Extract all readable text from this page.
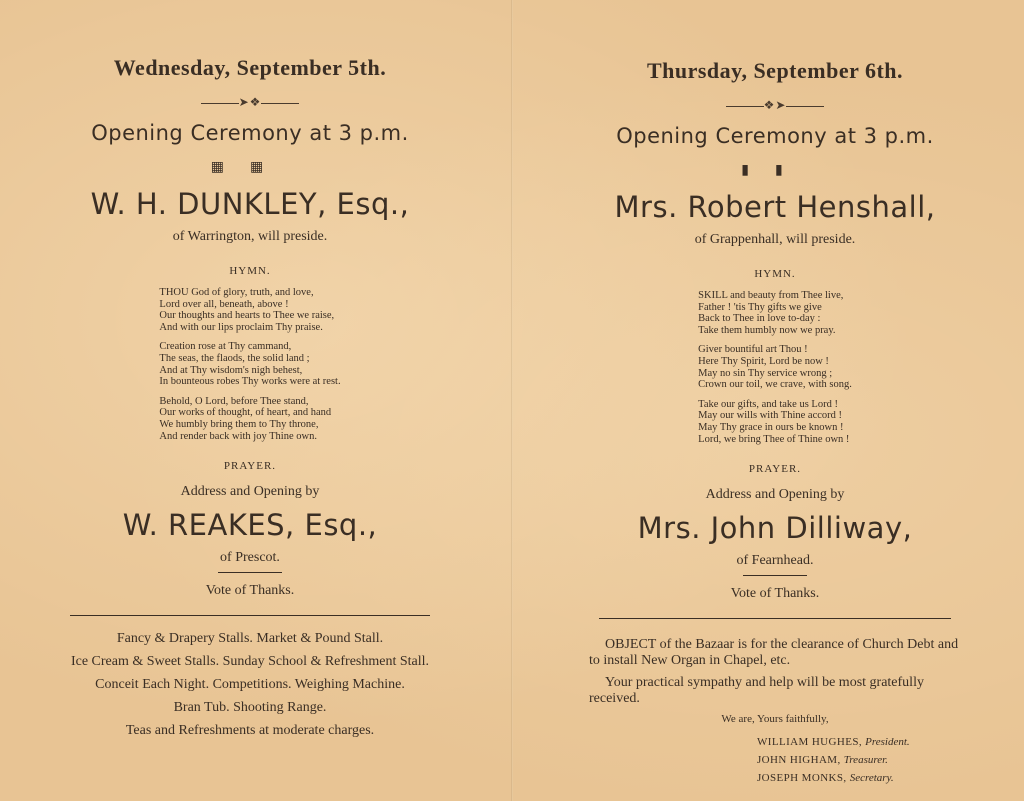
Wednesday, September 5th.
➤❖
Opening Ceremony at 3 p.m.
▦▦
W. H. DUNKLEY, Esq.,
of Warrington, will preside.
HYMN.
THOU God of glory, truth, and love,
Lord over all, beneath, above !
Our thoughts and hearts to Thee we raise,
And with our lips proclaim Thy praise.
Creation rose at Thy cammand,
The seas, the flaods, the solid land ;
And at Thy wisdom's nigh behest,
In bounteous robes Thy works were at rest.
Behold, O Lord, before Thee stand,
Our works of thought, of heart, and hand
We humbly bring them to Thy throne,
And render back with joy Thine own.
PRAYER.
Address and Opening by
W. REAKES, Esq.,
of Prescot.
Vote of Thanks.
Fancy & Drapery Stalls. Market & Pound Stall.
Ice Cream & Sweet Stalls. Sunday School & Refreshment Stall.
Conceit Each Night. Competitions. Weighing Machine.
Bran Tub. Shooting Range.
Teas and Refreshments at moderate charges.
Thursday, September 6th.
❖➤
Opening Ceremony at 3 p.m.
▮▮
Mrs. Robert Henshall,
of Grappenhall, will preside.
HYMN.
SKILL and beauty from Thee live,
Father ! 'tis Thy gifts we give
Back to Thee in love to-day :
Take them humbly now we pray.
Giver bountiful art Thou !
Here Thy Spirit, Lord be now !
May no sin Thy service wrong ;
Crown our toil, we crave, with song.
Take our gifts, and take us Lord !
May our wills with Thine accord !
May Thy grace in ours be known !
Lord, we bring Thee of Thine own !
PRAYER.
Address and Opening by
Mrs. John Dilliway,
of Fearnhead.
Vote of Thanks.

OBJECT of the Bazaar is for the clearance of Church Debt and to install New Organ in Chapel, etc.

Your practical sympathy and help will be most gratefully received.

We are, Yours faithfully,
WILLIAM HUGHES, President.
JOHN HIGHAM, Treasurer.
JOSEPH MONKS, Secretary.
